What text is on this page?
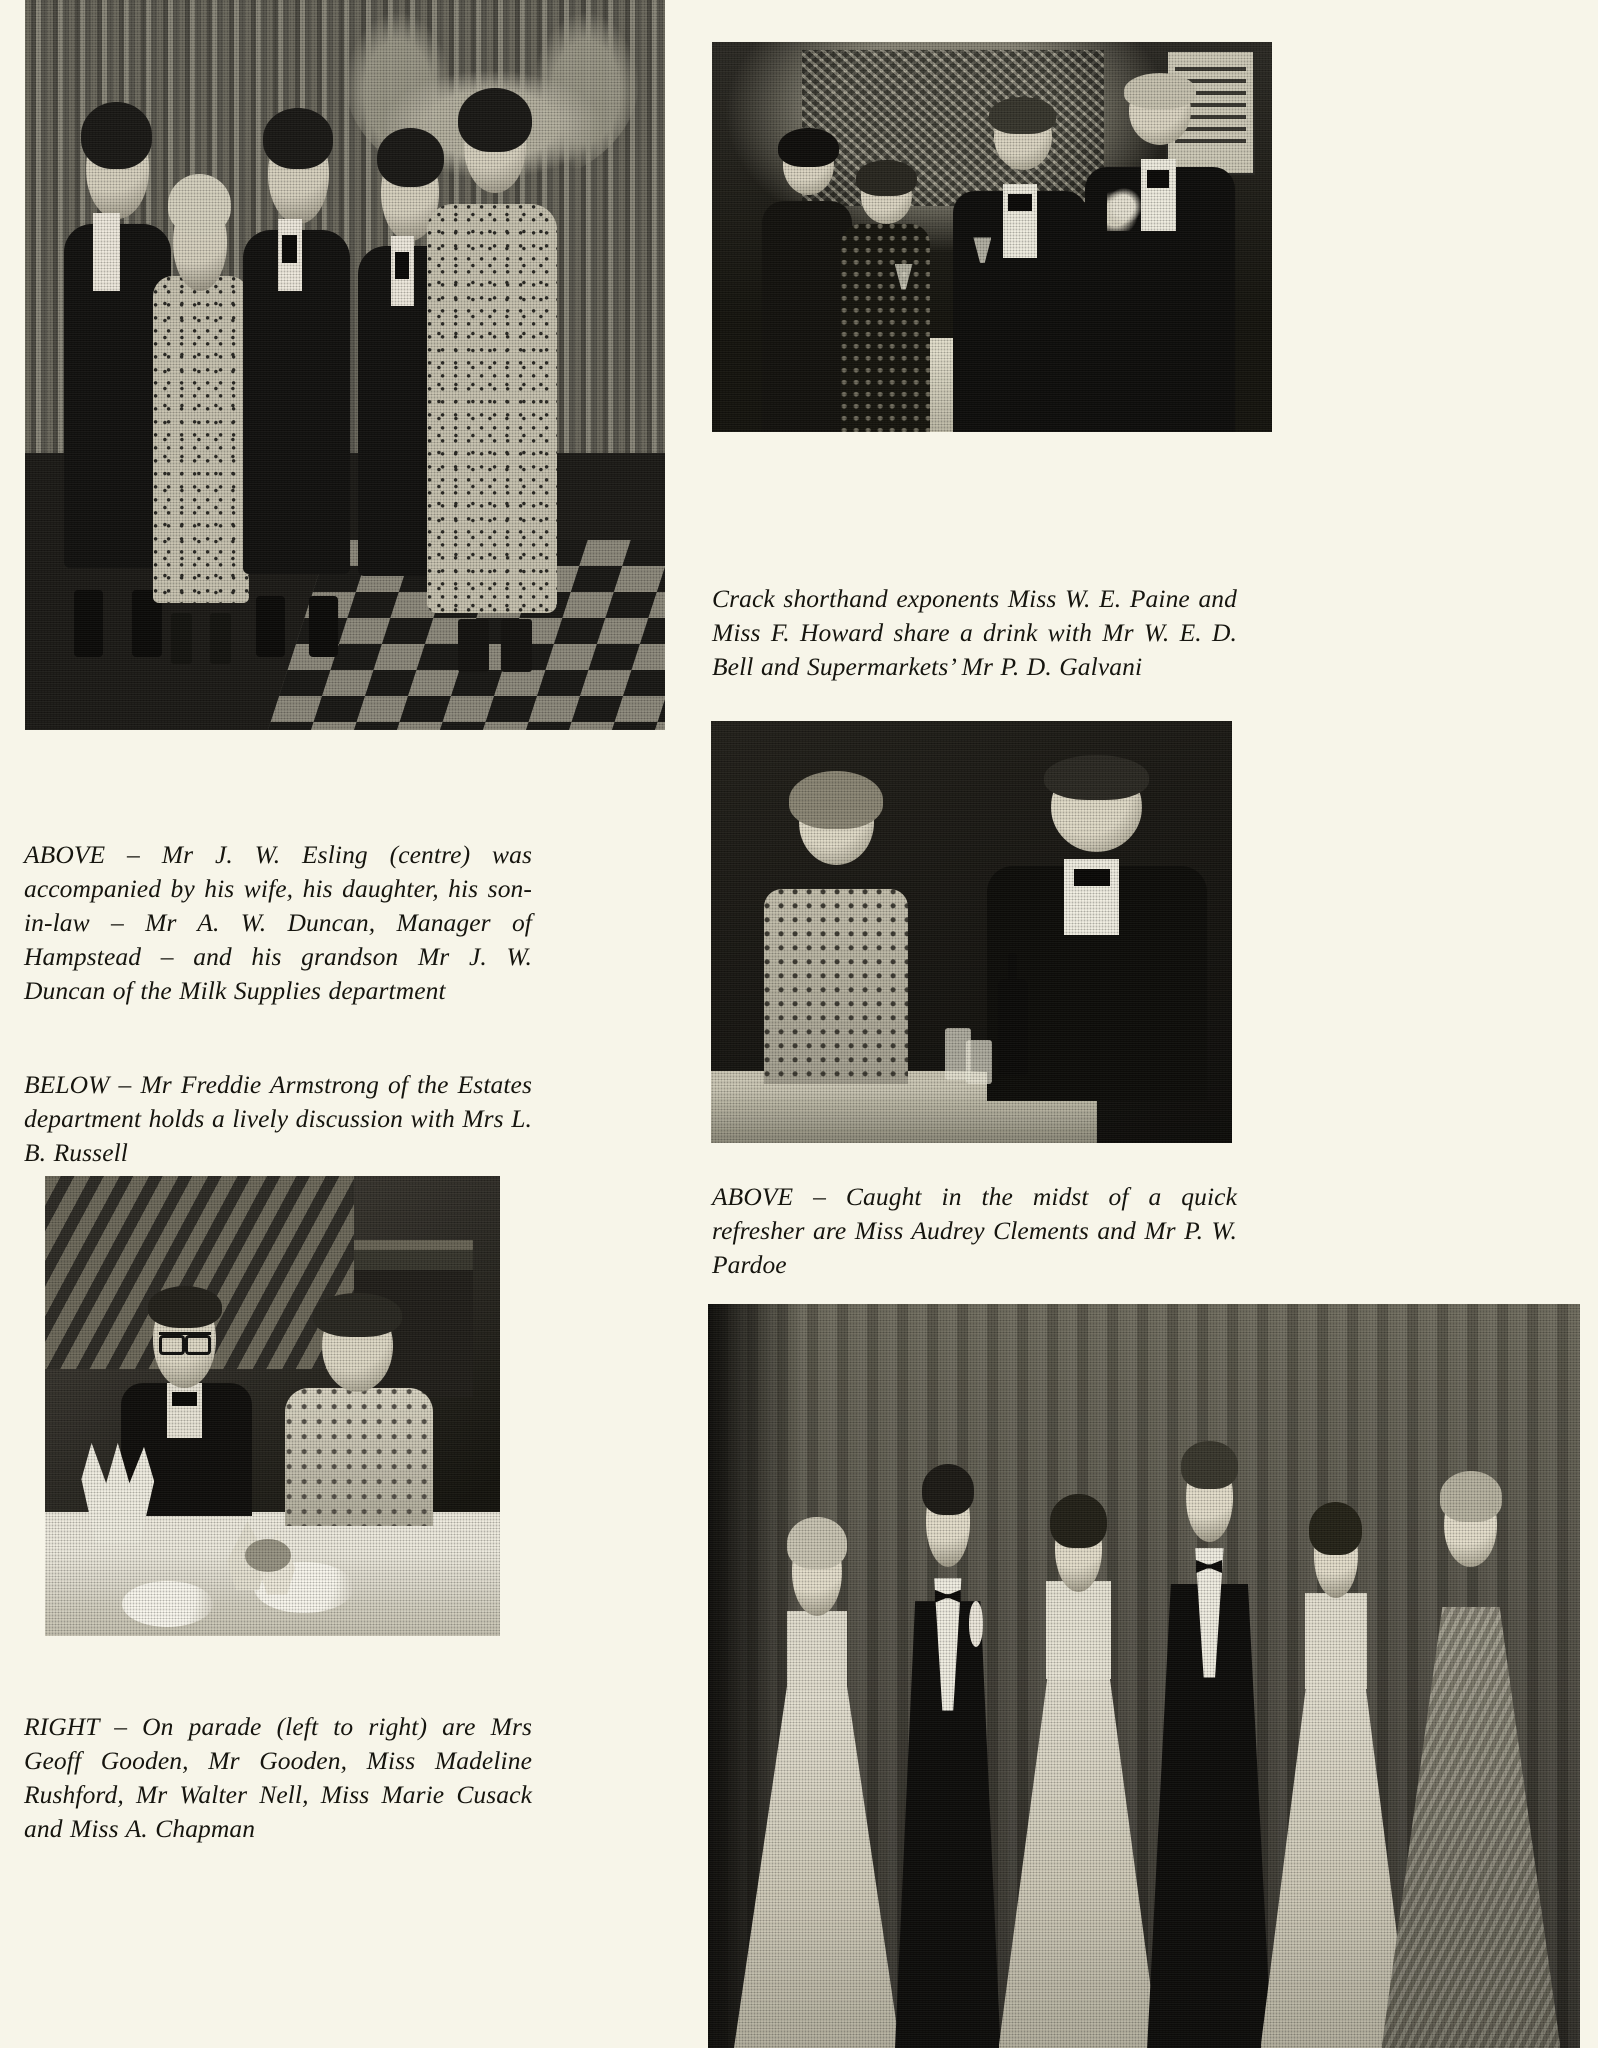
ABOVE – Mr J. W. Esling (centre) was accompanied by his wife, his daughter, his son-in-law – Mr A. W. Duncan, Manager of Hampstead – and his grandson Mr J. W. Duncan of the Milk Supplies department
BELOW – Mr Freddie Armstrong of the Estates department holds a lively discussion with Mrs L. B. Russell
Crack shorthand exponents Miss W. E. Paine and Miss F. Howard share a drink with Mr W. E. D. Bell and Supermarkets’ Mr P. D. Galvani
ABOVE – Caught in the midst of a quick refresher are Miss Audrey Clements and Mr P. W. Pardoe
RIGHT – On parade (left to right) are Mrs Geoff Gooden, Mr Gooden, Miss Madeline Rushford, Mr Walter Nell, Miss Marie Cusack and Miss A. Chapman
